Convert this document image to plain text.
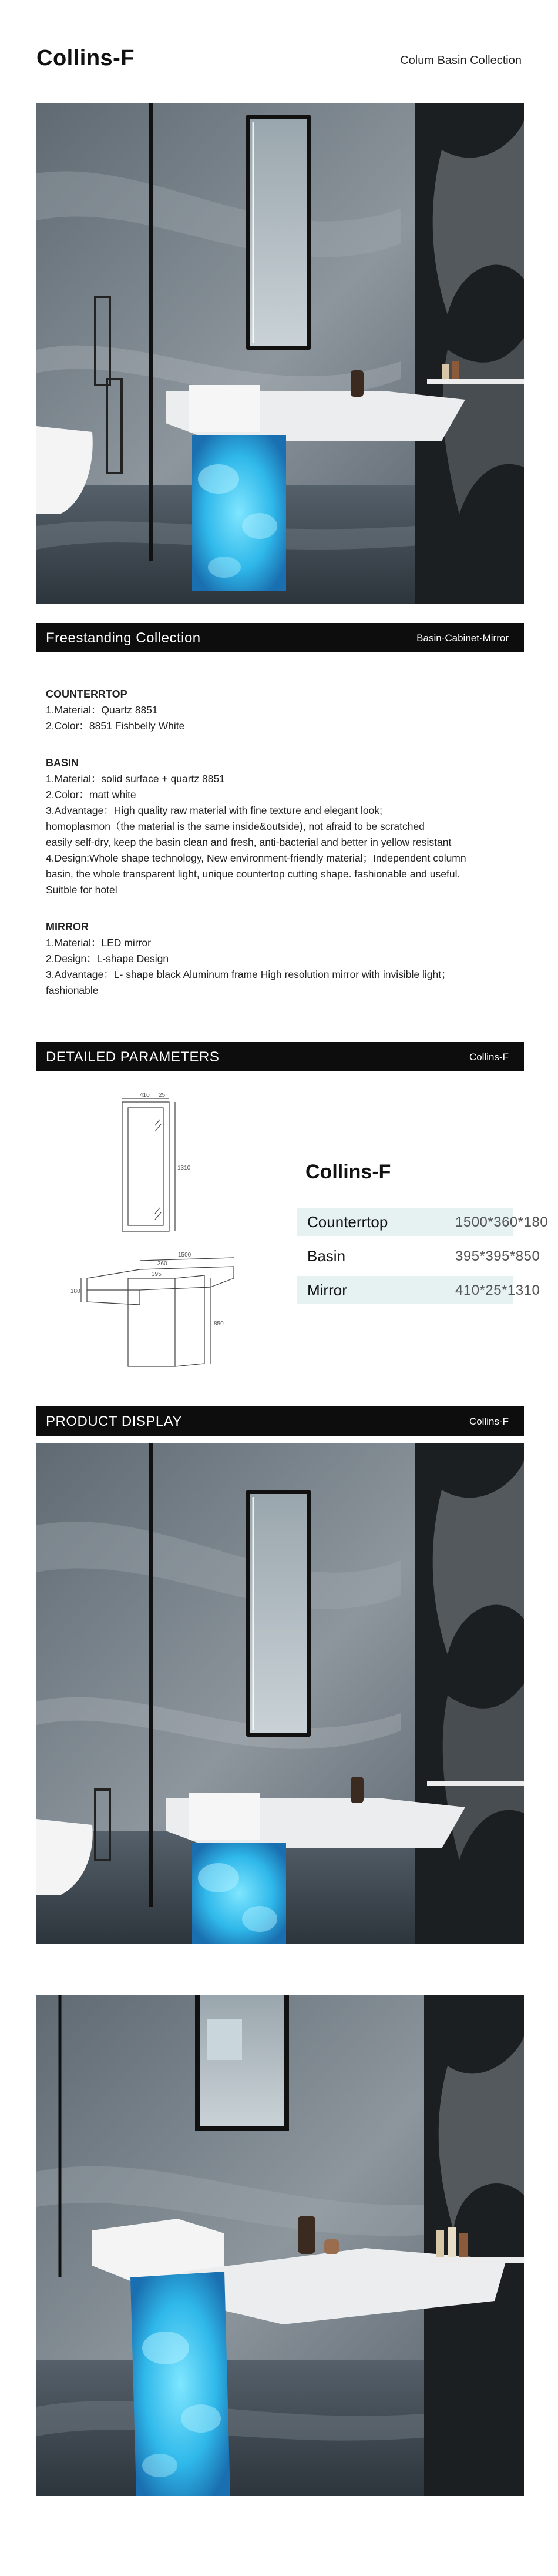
Collins-F	Colum Basin Collection
Freestanding Collection	Basin·Cabinet·Mirror
COUNTERRTOP
1.Material：Quartz 8851
2.Color：8851 Fishbelly White
BASIN
1.Material：solid surface + quartz 8851
2.Color：matt white
3.Advantage：High quality raw material with fine texture and elegant look;
homoplasmon（the material is the same inside&outside), not afraid to be scratched
easily self-dry, keep the basin clean and fresh, anti-bacterial and better in yellow resistant
4.Design:Whole shape technology, New environment-friendly material；Independent column
basin, the whole transparent light, unique countertop cutting shape. fashionable and useful.
Suitble for hotel
MIRROR
1.Material：LED mirror
2.Design：L-shape Design
3.Advantage：L- shape black Aluminum frame High resolution mirror with invisible light；
fashionable
DETAILED PARAMETERS	Collins-F
410 25
1310
1500
360
180
395
850
Collins-F
Counterrtop	1500*360*180
Basin	395*395*850
Mirror	410*25*1310
PRODUCT DISPLAY	Collins-F
